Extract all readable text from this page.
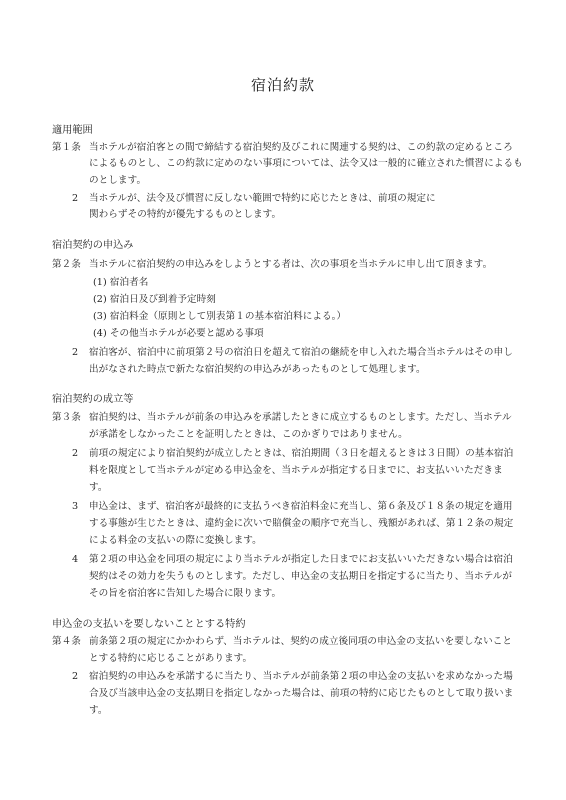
宿泊約款
適用範囲
第１条 当ホテルが宿泊客との間で締結する宿泊契約及びこれに関連する契約は、この約款の定めるところ
によるものとし、この約款に定めのない事項については、法令又は一般的に確立された慣習によるも
のとします。
2 当ホテルが、法令及び慣習に反しない範囲で特約に応じたときは、前項の規定に
関わらずその特約が優先するものとします。
宿泊契約の申込み
第２条 当ホテルに宿泊契約の申込みをしようとする者は、次の事項を当ホテルに申し出て頂きます。
(1) 宿泊者名
(2) 宿泊日及び到着予定時刻
(3) 宿泊料金（原則として別表第１の基本宿泊料による。）
(4) その他当ホテルが必要と認める事項
2 宿泊客が、宿泊中に前項第２号の宿泊日を超えて宿泊の継続を申し入れた場合当ホテルはその申し
出がなされた時点で新たな宿泊契約の申込みがあったものとして処理します。
宿泊契約の成立等
第３条 宿泊契約は、当ホテルが前条の申込みを承諾したときに成立するものとします。ただし、当ホテル
が承諾をしなかったことを証明したときは、このかぎりではありません。
2 前項の規定により宿泊契約が成立したときは、宿泊期間（３日を超えるときは３日間）の基本宿泊
料を限度として当ホテルが定める申込金を、当ホテルが指定する日までに、お支払いいただきま
す。
3 申込金は、まず、宿泊客が最終的に支払うべき宿泊料金に充当し、第６条及び１８条の規定を適用
する事態が生じたときは、違約金に次いで賠償金の順序で充当し、残額があれば、第１２条の規定
による料金の支払いの際に変換します。
4 第２項の申込金を同項の規定により当ホテルが指定した日までにお支払いいただきない場合は宿泊
契約はその効力を失うものとします。ただし、申込金の支払期日を指定するに当たり、当ホテルが
その旨を宿泊客に告知した場合に限ります。
申込金の支払いを要しないこととする特約
第４条 前条第２項の規定にかかわらず、当ホテルは、契約の成立後同項の申込金の支払いを要しないこと
とする特約に応じることがあります。
2 宿泊契約の申込みを承諾するに当たり、当ホテルが前条第２項の申込金の支払いを求めなかった場
合及び当該申込金の支払期日を指定しなかった場合は、前項の特約に応じたものとして取り扱いま
す。
